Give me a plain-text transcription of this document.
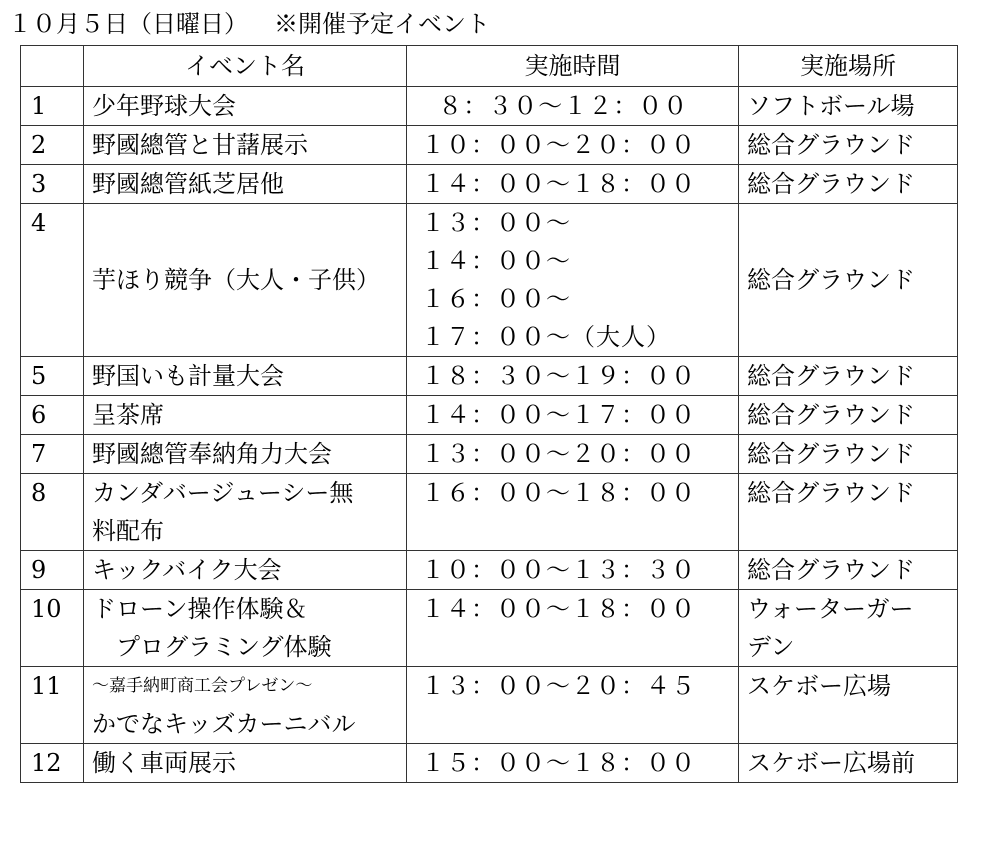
１０月５日（日曜日） ※開催予定イベント
	イベント名	実施時間	実施場所
1	少年野球大会	８：３０～１２：００	ソフトボール場

2	野國總管と甘藷展示	１０：００～２０：００	総合グラウンド

3	野國總管紙芝居他	１４：００～１８：００	総合グラウンド

4	芋ほり競争（大人・子供）	１３：００～
１４：００～
１６：００～
１７：００～（大人）	総合グラウンド

5	野国いも計量大会	１８：３０～１９：００	総合グラウンド

6	呈茶席	１４：００～１７：００	総合グラウンド

7	野國總管奉納角力大会	１３：００～２０：００	総合グラウンド

8	カンダバージューシー無
料配布	１６：００～１８：００	総合グラウンド

9	キックバイク大会	１０：００～１３：３０	総合グラウンド

10	ドローン操作体験＆
プログラミング体験	１４：００～１８：００	ウォーターガー
デン

11	～嘉手納町商工会プレゼン～
かでなキッズカーニバル	１３：００～２０：４５	スケボー広場

12	働く車両展示	１５：００～１８：００	スケボー広場前
